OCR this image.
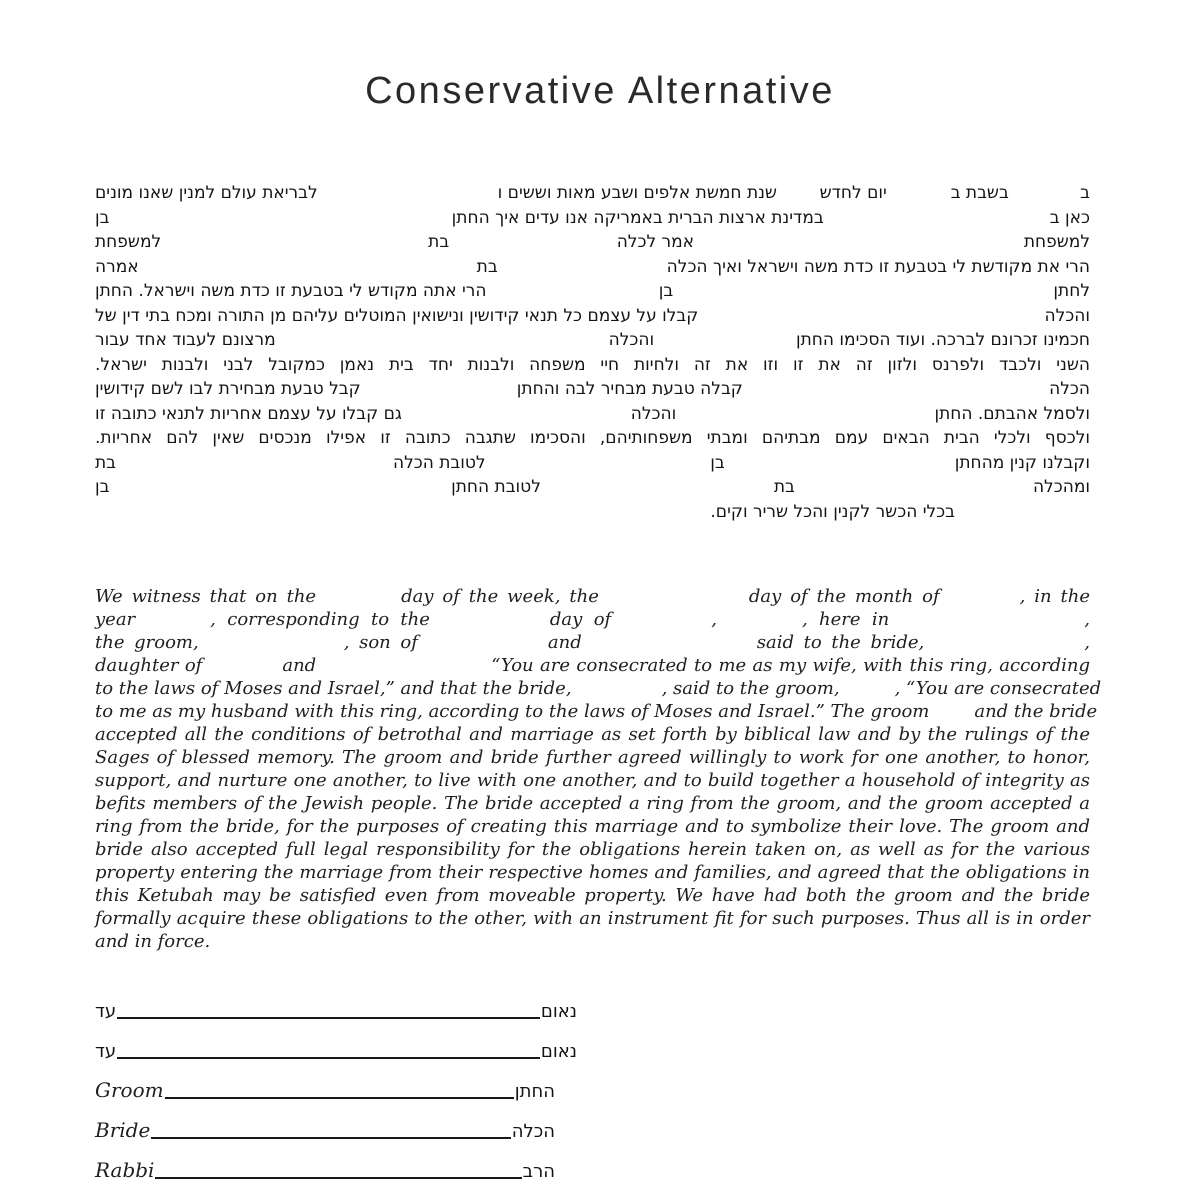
Conservative Alternative
ב
בשבת ב
יום לחדש
שנת חמשת אלפים ושבע מאות וששים ו
לבריאת עולם למנין שאנו מונים
כאן ב
במדינת ארצות הברית באמריקה אנו עדים איך החתן
בן
למשפחת
אמר לכלה
בת
למשפחת
הרי את מקודשת לי בטבעת זו כדת משה וישראל ואיך הכלה
בת
אמרה
לחתן
בן
הרי אתה מקודש לי בטבעת זו כדת משה וישראל. החתן
והכלה
קבלו על עצמם כל תנאי קידושין ונישואין המוטלים עליהם מן התורה ומכח בתי דין של
חכמינו זכרונם לברכה. ועוד הסכימו החתן
והכלה
מרצונם לעבוד אחד עבור
השני ולכבד ולפרנס ולזון זה את זו וזו את זה ולחיות חיי משפחה ולבנות יחד בית נאמן כמקובל לבני ולבנות ישראל.
הכלה
קבלה טבעת מבחיר לבה והחתן
קבל טבעת מבחירת לבו לשם קידושין
ולסמל אהבתם. החתן
והכלה
גם קבלו על עצמם אחריות לתנאי כתובה זו
ולכסף ולכלי הבית הבאים עמם מבתיהם ומבתי משפחותיהם, והסכימו שתגבה כתובה זו אפילו מנכסים שאין להם אחריות.
וקבלנו קנין מהחתן
בן
לטובת הכלה
בת
ומהכלה
בת
לטובת החתן
בן
בכלי הכשר לקנין והכל שריר וקים.
We witness that on the	day of the week, the	day of the month of	, in the
year	, corresponding to the	day of	,	, here in	,
the groom,	, son of	and	said to the bride,	,
daughter of	and	“You are consecrated to me as my wife, with this ring, according
to the laws of Moses and Israel,” and that the bride,	, said to the groom,	, “You are consecrated
to me as my husband with this ring, according to the laws of Moses and Israel.” The groom	and the bride
accepted all the conditions of betrothal and marriage as set forth by biblical law and by the rulings of the
Sages of blessed memory. The groom and bride further agreed willingly to work for one another, to honor,
support, and nurture one another, to live with one another, and to build together a household of integrity as
befits members of the Jewish people. The bride accepted a ring from the groom, and the groom accepted a
ring from the bride, for the purposes of creating this marriage and to symbolize their love. The groom and
bride also accepted full legal responsibility for the obligations herein taken on, as well as for the various
property entering the marriage from their respective homes and families, and agreed that the obligations in
this Ketubah may be satisfied even from moveable property. We have had both the groom and the bride
formally acquire these obligations to the other, with an instrument fit for such purposes. Thus all is in order
and in force.
עד	נאום
עד	נאום
Groom	החתן
Bride	הכלה
Rabbi	הרב
